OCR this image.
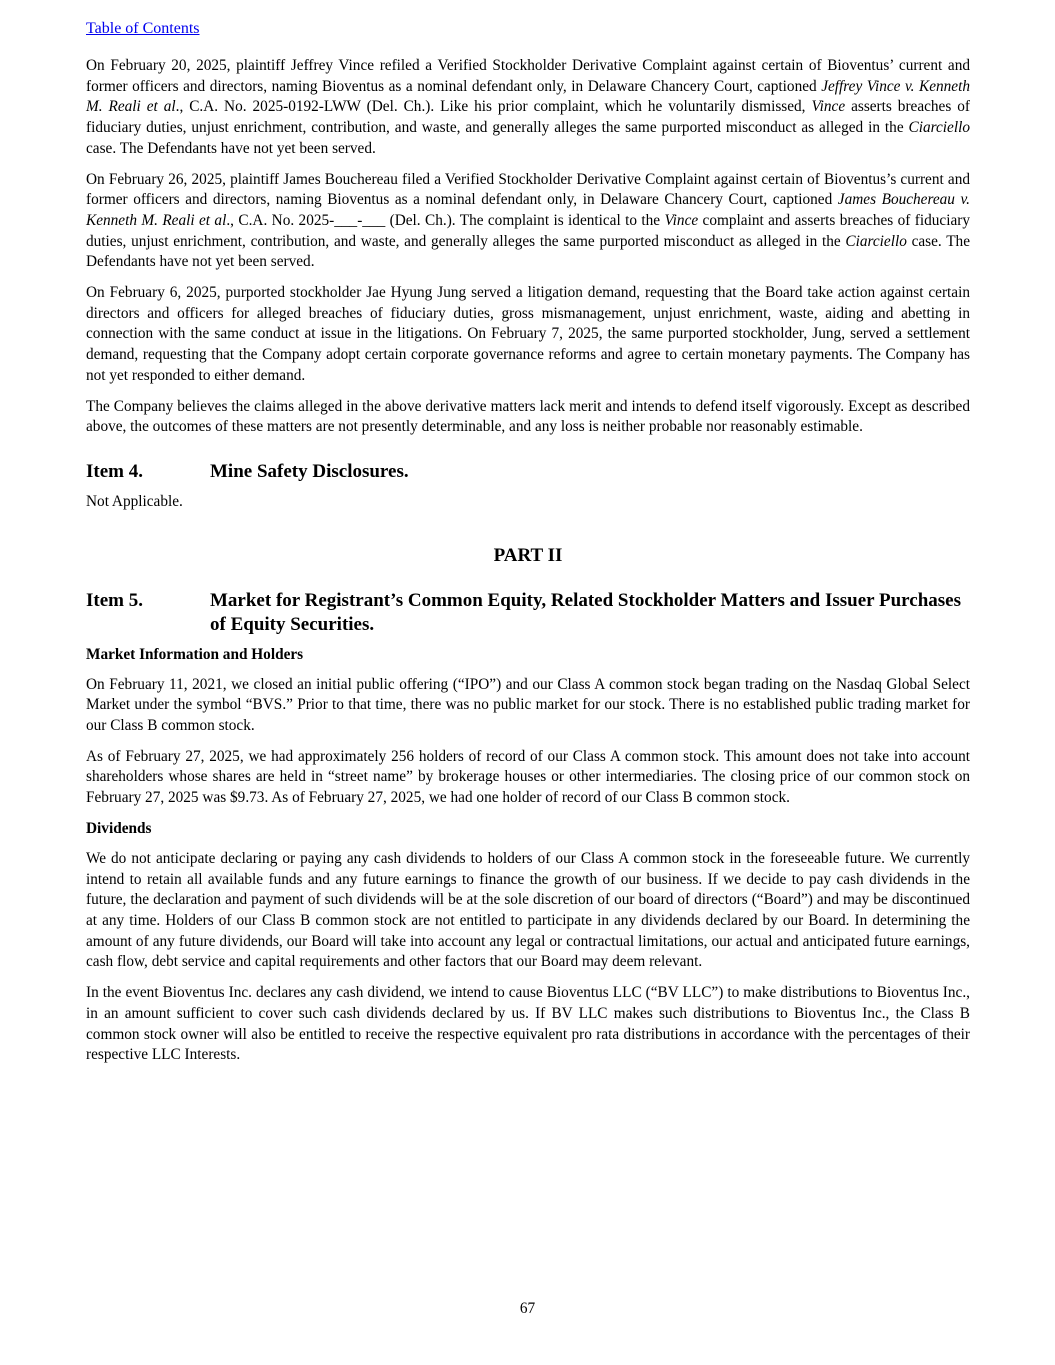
Table of Contents

On February 20, 2025, plaintiff Jeffrey Vince refiled a Verified Stockholder Derivative Complaint against certain of Bioventus’ current and former officers and directors, naming Bioventus as a nominal defendant only, in Delaware Chancery Court, captioned Jeffrey Vince v. Kenneth M. Reali et al., C.A. No. 2025-0192-LWW (Del. Ch.). Like his prior complaint, which he voluntarily dismissed, Vince asserts breaches of fiduciary duties, unjust enrichment, contribution, and waste, and generally alleges the same purported misconduct as alleged in the Ciarciello case. The Defendants have not yet been served.

On February 26, 2025, plaintiff James Bouchereau filed a Verified Stockholder Derivative Complaint against certain of Bioventus’s current and former officers and directors, naming Bioventus as a nominal defendant only, in Delaware Chancery Court, captioned James Bouchereau v. Kenneth M. Reali et al., C.A. No. 2025-___-___ (Del. Ch.). The complaint is identical to the Vince complaint and asserts breaches of fiduciary duties, unjust enrichment, contribution, and waste, and generally alleges the same purported misconduct as alleged in the Ciarciello case. The Defendants have not yet been served.

On February 6, 2025, purported stockholder Jae Hyung Jung served a litigation demand, requesting that the Board take action against certain directors and officers for alleged breaches of fiduciary duties, gross mismanagement, unjust enrichment, waste, aiding and abetting in connection with the same conduct at issue in the litigations. On February 7, 2025, the same purported stockholder, Jung, served a settlement demand, requesting that the Company adopt certain corporate governance reforms and agree to certain monetary payments. The Company has not yet responded to either demand.

The Company believes the claims alleged in the above derivative matters lack merit and intends to defend itself vigorously. Except as described above, the outcomes of these matters are not presently determinable, and any loss is neither probable nor reasonably estimable.

Item 4.	Mine Safety Disclosures.

Not Applicable.

PART II
Item 5.	Market for Registrant’s Common Equity, Related Stockholder Matters and Issuer Purchases of Equity Securities.
Market Information and Holders

On February 11, 2021, we closed an initial public offering (“IPO”) and our Class A common stock began trading on the Nasdaq Global Select Market under the symbol “BVS.” Prior to that time, there was no public market for our stock. There is no established public trading market for our Class B common stock.

As of February 27, 2025, we had approximately 256 holders of record of our Class A common stock. This amount does not take into account shareholders whose shares are held in “street name” by brokerage houses or other intermediaries. The closing price of our common stock on February 27, 2025 was $9.73. As of February 27, 2025, we had one holder of record of our Class B common stock.

Dividends

We do not anticipate declaring or paying any cash dividends to holders of our Class A common stock in the foreseeable future. We currently intend to retain all available funds and any future earnings to finance the growth of our business. If we decide to pay cash dividends in the future, the declaration and payment of such dividends will be at the sole discretion of our board of directors (“Board”) and may be discontinued at any time. Holders of our Class B common stock are not entitled to participate in any dividends declared by our Board. In determining the amount of any future dividends, our Board will take into account any legal or contractual limitations, our actual and anticipated future earnings, cash flow, debt service and capital requirements and other factors that our Board may deem relevant.

In the event Bioventus Inc. declares any cash dividend, we intend to cause Bioventus LLC (“BV LLC”) to make distributions to Bioventus Inc., in an amount sufficient to cover such cash dividends declared by us. If BV LLC makes such distributions to Bioventus Inc., the Class B common stock owner will also be entitled to receive the respective equivalent pro rata distributions in accordance with the percentages of their respective LLC Interests.

67
